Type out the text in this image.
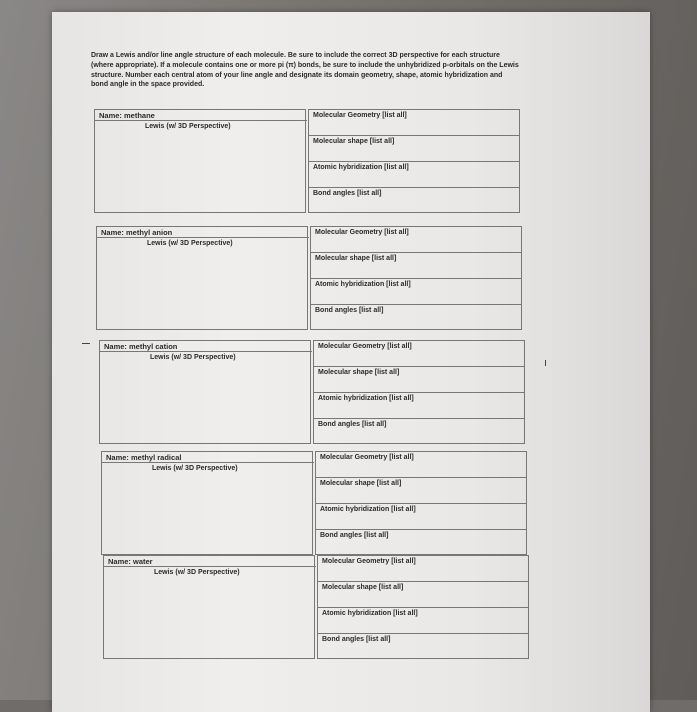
Draw a Lewis and/or line angle structure of each molecule. Be sure to include the correct 3D perspective for each structure (where appropriate). If a molecule contains one or more pi (π) bonds, be sure to include the unhybridized p-orbitals on the Lewis structure. Number each central atom of your line angle and designate its domain geometry, shape, atomic hybridization and bond angle in the space provided.
Name: methane
Lewis (w/ 3D Perspective)
Molecular Geometry [list all]
Molecular shape [list all]
Atomic hybridization [list all]
Bond angles [list all]
Name: methyl anion
Lewis (w/ 3D Perspective)
Molecular Geometry [list all]
Molecular shape [list all]
Atomic hybridization [list all]
Bond angles [list all]
Name: methyl cation
Lewis (w/ 3D Perspective)
Molecular Geometry [list all]
Molecular shape [list all]
Atomic hybridization [list all]
Bond angles [list all]
Name: methyl radical
Lewis (w/ 3D Perspective)
Molecular Geometry [list all]
Molecular shape [list all]
Atomic hybridization [list all]
Bond angles [list all]
Name: water
Lewis (w/ 3D Perspective)
Molecular Geometry [list all]
Molecular shape [list all]
Atomic hybridization [list all]
Bond angles [list all]
